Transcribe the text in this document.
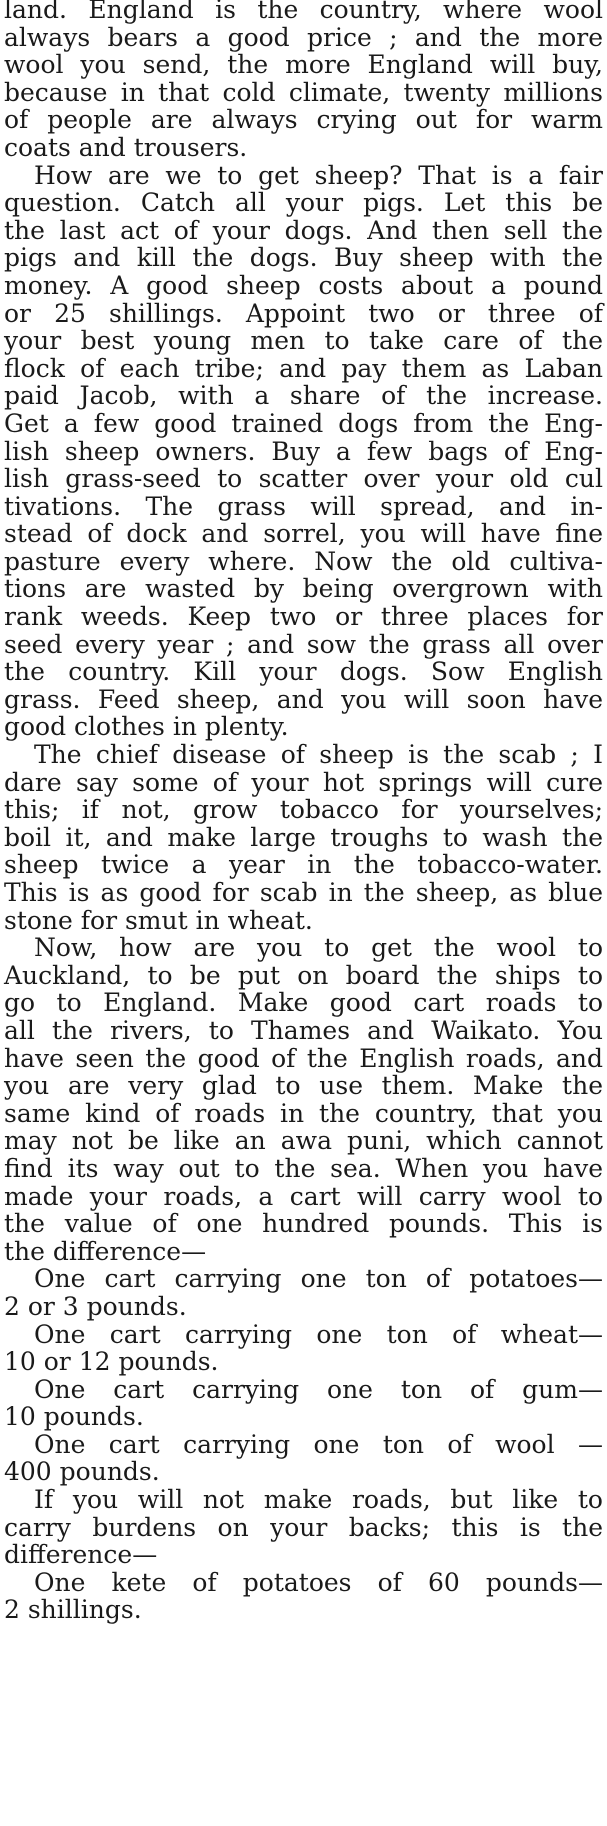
land. England is the country, where wool
always bears a good price ; and the more
wool you send, the more England will buy,
because in that cold climate, twenty millions
of people are always crying out for warm
coats and trousers.
How are we to get sheep? That is a fair
question. Catch all your pigs. Let this be
the last act of your dogs. And then sell the
pigs and kill the dogs. Buy sheep with the
money. A good sheep costs about a pound
or 25 shillings. Appoint two or three of
your best young men to take care of the
flock of each tribe; and pay them as Laban
paid Jacob, with a share of the increase.
Get a few good trained dogs from the Eng-
lish sheep owners. Buy a few bags of Eng-
lish grass-seed to scatter over your old cul
tivations. The grass will spread, and in-
stead of dock and sorrel, you will have fine
pasture every where. Now the old cultiva-
tions are wasted by being overgrown with
rank weeds. Keep two or three places for
seed every year ; and sow the grass all over
the country. Kill your dogs. Sow English
grass. Feed sheep, and you will soon have
good clothes in plenty.
The chief disease of sheep is the scab ; I
dare say some of your hot springs will cure
this; if not, grow tobacco for yourselves;
boil it, and make large troughs to wash the
sheep twice a year in the tobacco-water.
This is as good for scab in the sheep, as blue
stone for smut in wheat.
Now, how are you to get the wool to
Auckland, to be put on board the ships to
go to England. Make good cart roads to
all the rivers, to Thames and Waikato. You
have seen the good of the English roads, and
you are very glad to use them. Make the
same kind of roads in the country, that you
may not be like an awa puni, which cannot
find its way out to the sea. When you have
made your roads, a cart will carry wool to
the value of one hundred pounds. This is
the difference—
One cart carrying one ton of potatoes—
2 or 3 pounds.
One cart carrying one ton of wheat—
10 or 12 pounds.
One cart carrying one ton of gum—
10 pounds.
One cart carrying one ton of wool —
400 pounds.
If you will not make roads, but like to
carry burdens on your backs; this is the
difference—
One kete of potatoes of 60 pounds—
2 shillings.
